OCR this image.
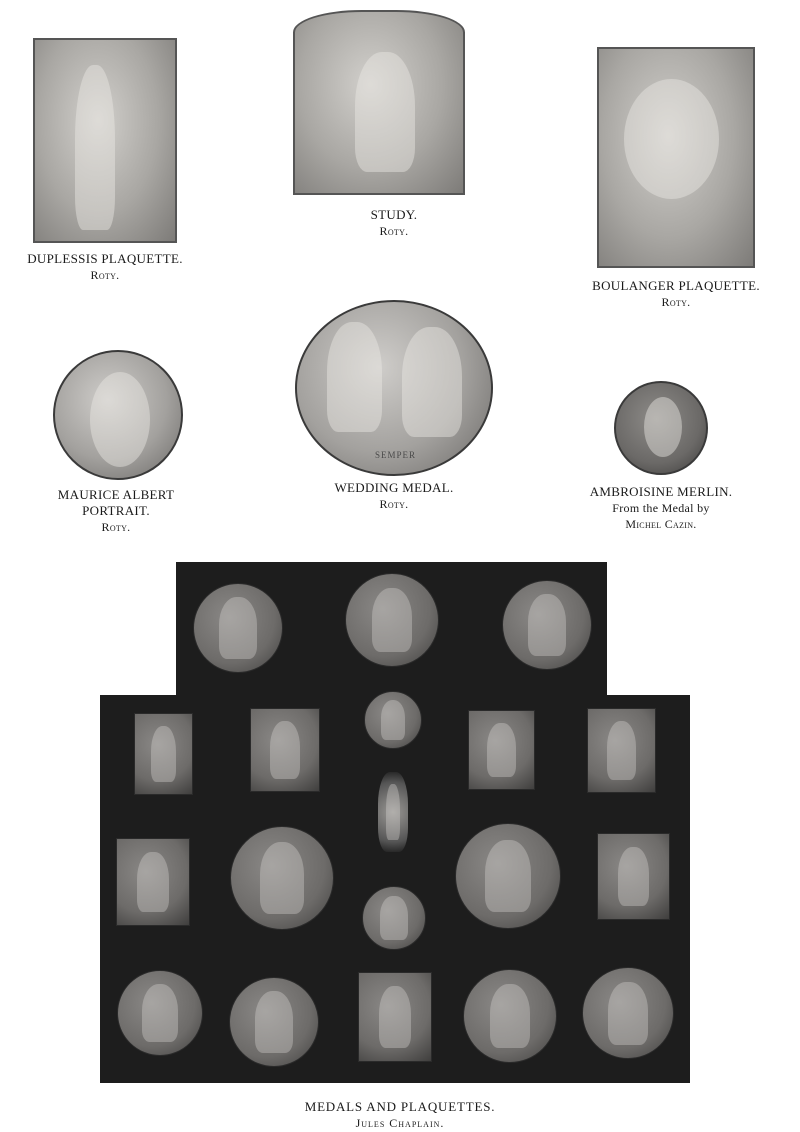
SEMPER
DUPLESSIS PLAQUETTE.
Roty.
STUDY.
Roty.
BOULANGER PLAQUETTE.
Roty.
MAURICE ALBERT
PORTRAIT.
Roty.
WEDDING MEDAL.
Roty.
AMBROISINE MERLIN.
From the Medal by
Michel Cazin.
MEDALS AND PLAQUETTES.
Jules Chaplain.
